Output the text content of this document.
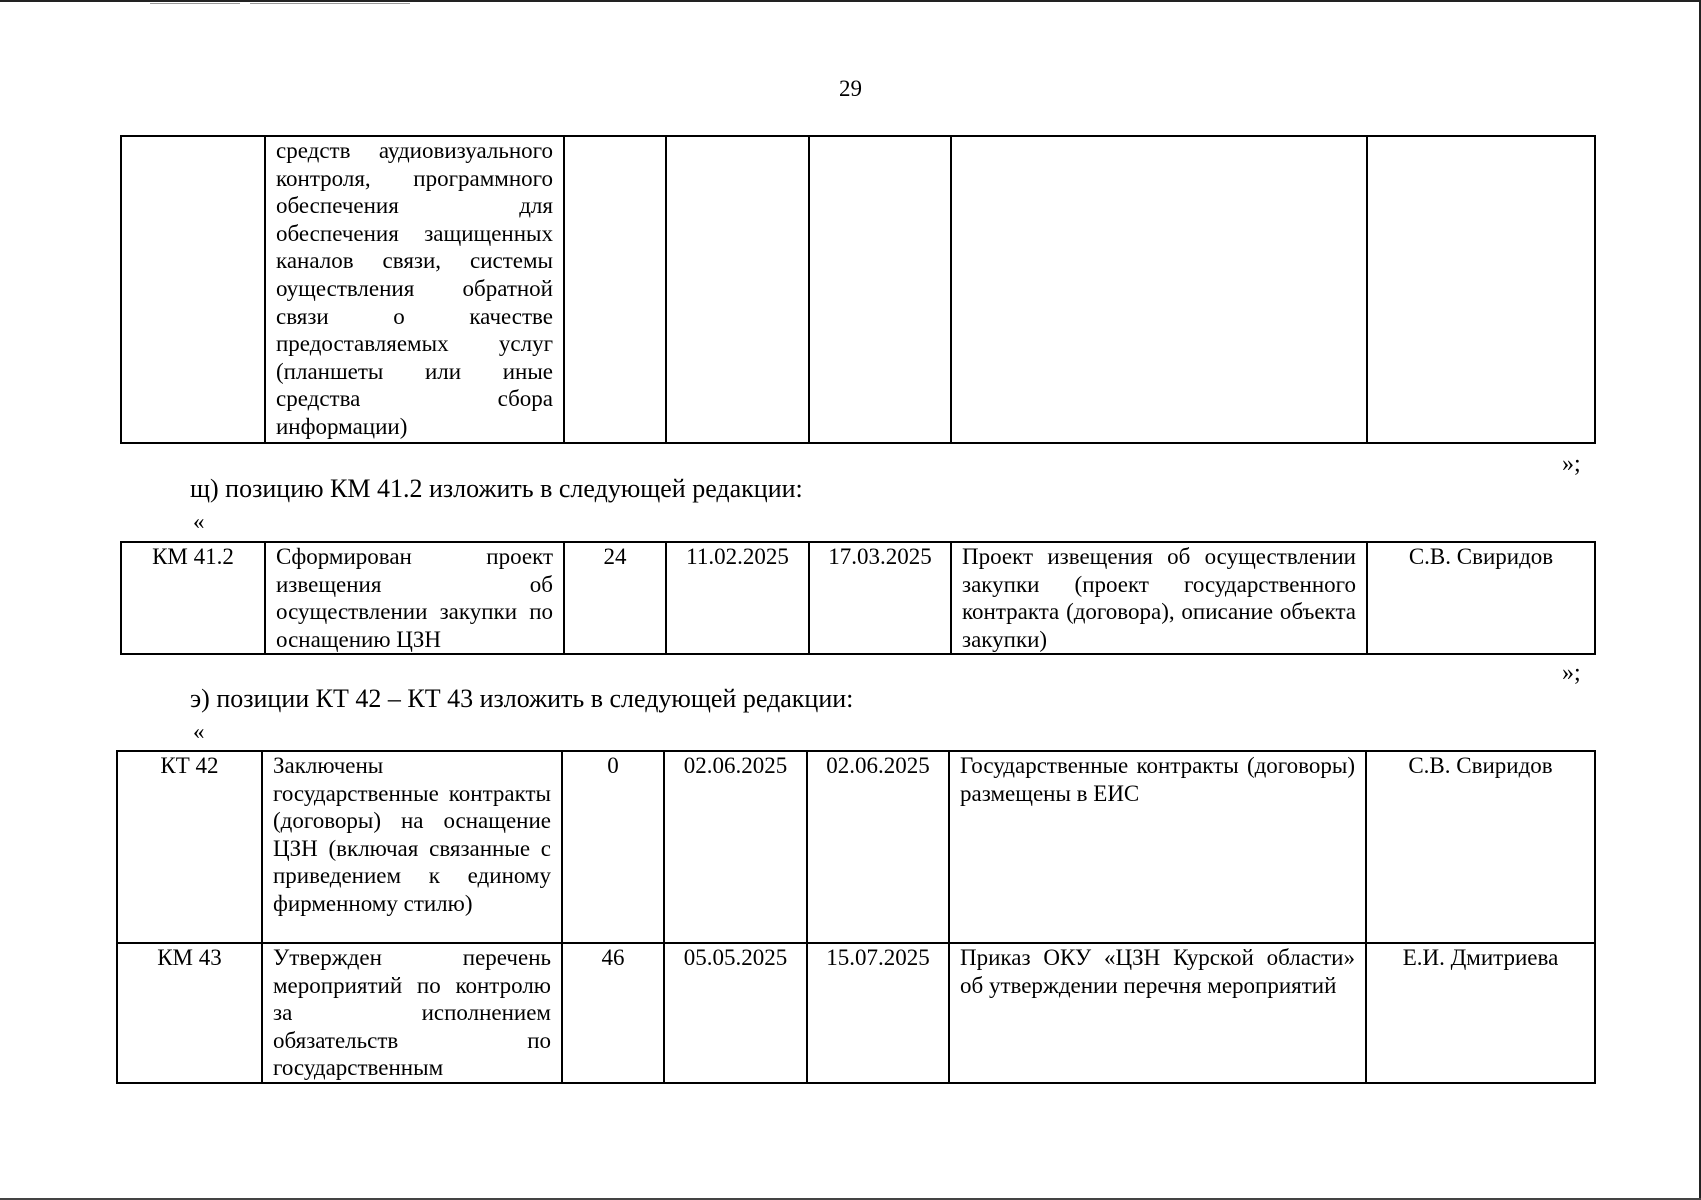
29
	средств аудиовизуального контроля, программного обеспечения для обеспечения защищенных каналов связи, системы оуществления обратной связи о качестве предоставляемых услуг (планшеты или иные средства сбора информации)					
»;
щ) позицию КМ 41.2 изложить в следующей редакции:
«
КМ 41.2	Сформирован проект извещения об осуществлении закупки по оснащению ЦЗН	24	11.02.2025	17.03.2025	Проект извещения об осуществлении закупки (проект государственного контракта (договора), описание объекта закупки)	С.В. Свиридов
»;
э) позиции КТ 42 – КТ 43 изложить в следующей редакции:
«
КТ 42	Заключены государственные контракты (договоры) на оснащение ЦЗН (включая связанные с приведением к единому фирменному стилю)	0	02.06.2025	02.06.2025	Государственные контракты (договоры) размещены в ЕИС	С.В. Свиридов
КМ 43	Утвержден перечень мероприятий по контролю за исполнением обязательств по государственным	46	05.05.2025	15.07.2025	Приказ ОКУ «ЦЗН Курской области» об утверждении перечня мероприятий	Е.И. Дмитриева
